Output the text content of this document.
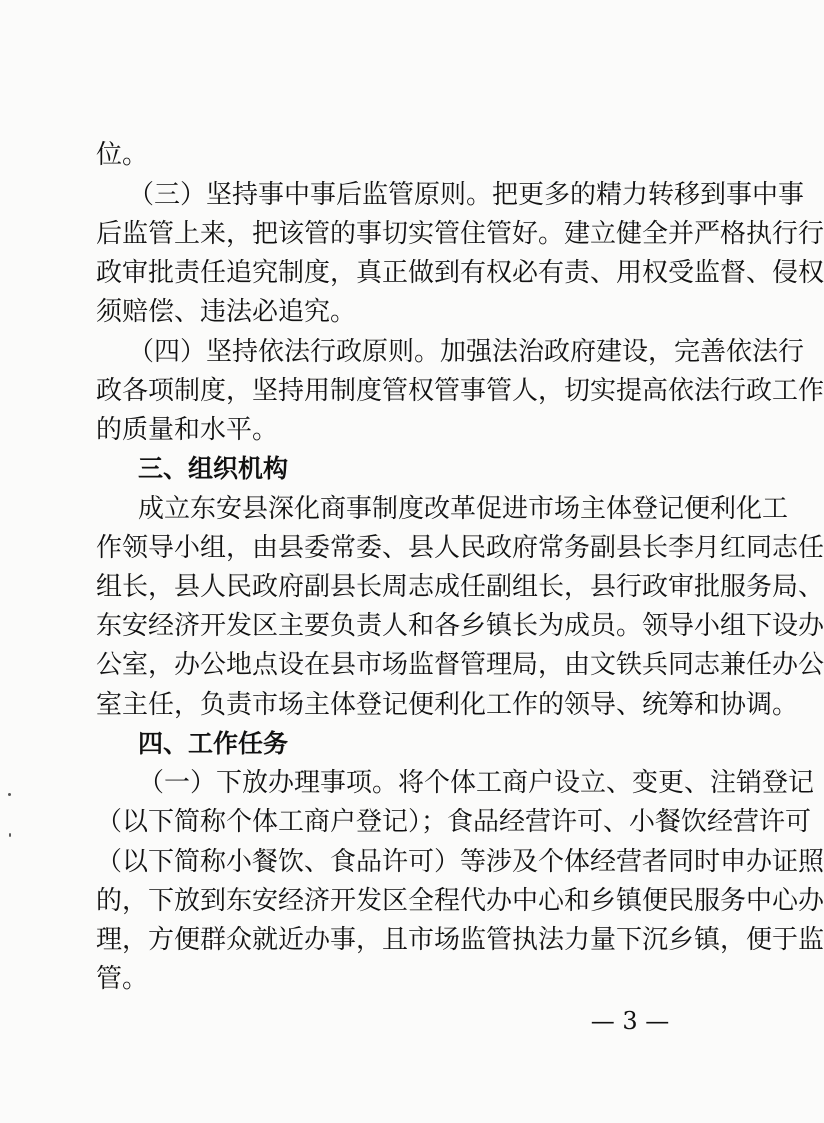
位。
（三）坚持事中事后监管原则。把更多的精力转移到事中事
后监管上来，把该管的事切实管住管好。建立健全并严格执行行
政审批责任追究制度，真正做到有权必有责、用权受监督、侵权
须赔偿、违法必追究。
（四）坚持依法行政原则。加强法治政府建设，完善依法行
政各项制度，坚持用制度管权管事管人，切实提高依法行政工作
的质量和水平。
三、组织机构
成立东安县深化商事制度改革促进市场主体登记便利化工
作领导小组，由县委常委、县人民政府常务副县长李月红同志任
组长，县人民政府副县长周志成任副组长，县行政审批服务局、
东安经济开发区主要负责人和各乡镇长为成员。领导小组下设办
公室，办公地点设在县市场监督管理局，由文铁兵同志兼任办公
室主任，负责市场主体登记便利化工作的领导、统筹和协调。
四、工作任务
（一）下放办理事项。将个体工商户设立、变更、注销登记
（以下简称个体工商户登记）；食品经营许可、小餐饮经营许可
（以下简称小餐饮、食品许可）等涉及个体经营者同时申办证照
的，下放到东安经济开发区全程代办中心和乡镇便民服务中心办
理，方便群众就近办事，且市场监管执法力量下沉乡镇，便于监
管。
— 3 —
